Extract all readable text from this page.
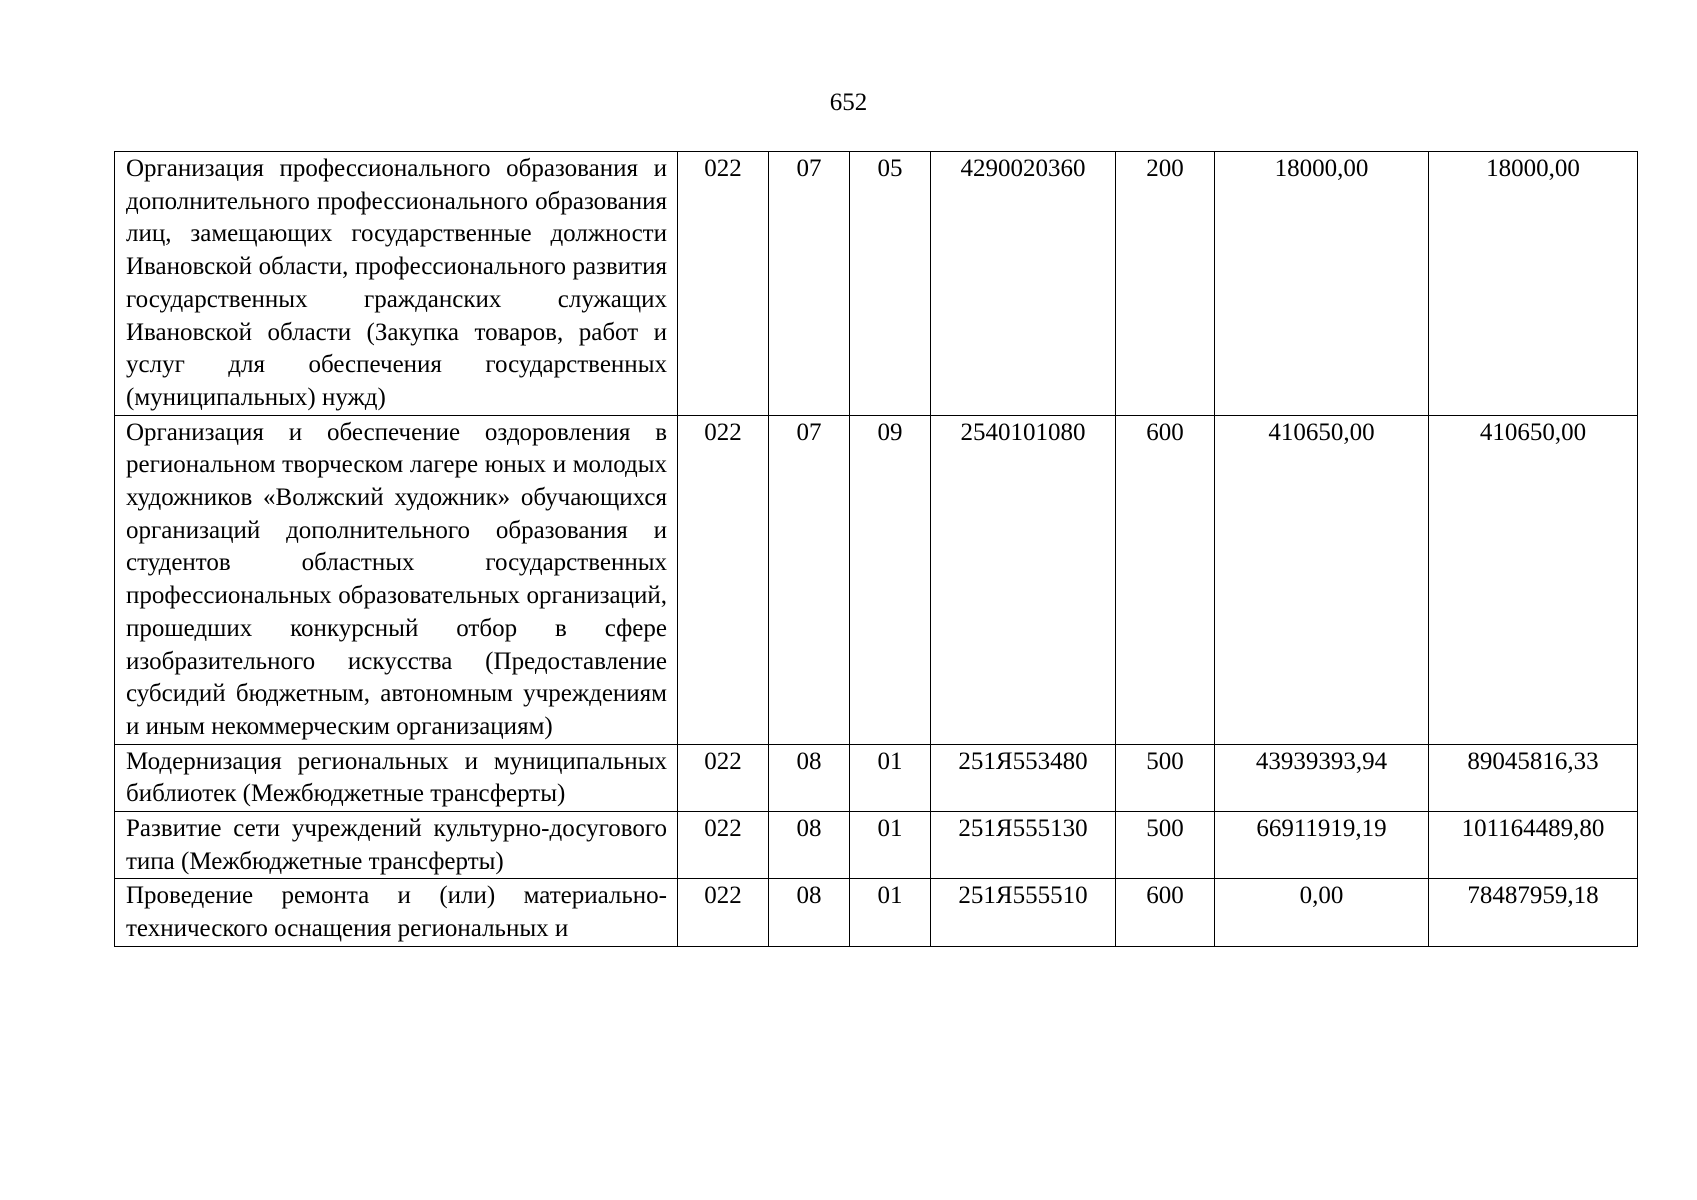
652
Организация профессионального образования и дополнительного профессионального образования лиц, замещающих государственные должности Ивановской области, профессионального развития государственных гражданских служащих Ивановской области (Закупка товаров, работ и услуг для обеспечения государственных (муниципальных) нужд)	022	07	05	4290020360	200	18000,00	18000,00
Организация и обеспечение оздоровления в региональном творческом лагере юных и молодых художников «Волжский художник» обучающихся организаций дополнительного образования и студентов областных государственных профессиональных образовательных организаций, прошедших конкурсный отбор в сфере изобразительного искусства (Предоставление субсидий бюджетным, автономным учреждениям и иным некоммерческим организациям)	022	07	09	2540101080	600	410650,00	410650,00
Модернизация региональных и муниципальных библиотек (Межбюджетные трансферты)	022	08	01	251Я553480	500	43939393,94	89045816,33
Развитие сети учреждений культурно-досугового типа (Межбюджетные трансферты)	022	08	01	251Я555130	500	66911919,19	101164489,80
Проведение ремонта и (или) материально-технического оснащения региональных и	022	08	01	251Я555510	600	0,00	78487959,18
